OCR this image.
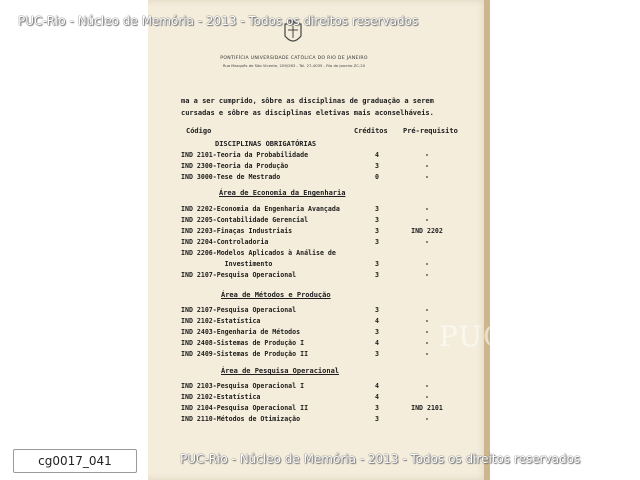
PUC
PONTIFÍCIA UNIVERSIDADE CATÓLICA DO RIO DE JANEIRO
Rua Marquês de São Vicente, 209/263 - Tel. 27-4035 - Rio de Janeiro ZC-20
ma a ser cumprido, sôbre as disciplinas de graduação a serem
cursadas e sôbre as disciplinas eletivas mais aconselháveis.
Código	Créditos Pré-requisito
DISCIPLINAS OBRIGATÓRIAS
IND 2101-Teoria da Probabilidade	4	-
IND 2300-Teoria da Produção	3	-
IND 3000-Tese de Mestrado	0	-
Área de Economia da Engenharia
IND 2202-Economia da Engenharia Avançada	3	-
IND 2205-Contabilidade Gerencial	3	-
IND 2203-Finaças Industriais	3	IND 2202
IND 2204-Controladoria	3	-
IND 2206-Modelos Aplicados à Análise de
Investimento	3	-
IND 2107-Pesquisa Operacional	3	-
Área de Métodos e Produção
IND 2107-Pesquisa Operacional	3	-
IND 2102-Estatística	4	-
IND 2403-Engenharia de Métodos	3	-
IND 2408-Sistemas de Produção I	4	-
IND 2409-Sistemas de Produção II	3	-
Área de Pesquisa Operacional
IND 2103-Pesquisa Operacional I	4	-
IND 2102-Estatística	4	-
IND 2104-Pesquisa Operacional II	3	IND 2101
IND 2110-Métodos de Otimização	3	-
PUC-Rio - Núcleo de Memória - 2013 - Todos os direitos reservados
PUC-Rio - Núcleo de Memória - 2013 - Todos os direitos reservados
cg0017_041
